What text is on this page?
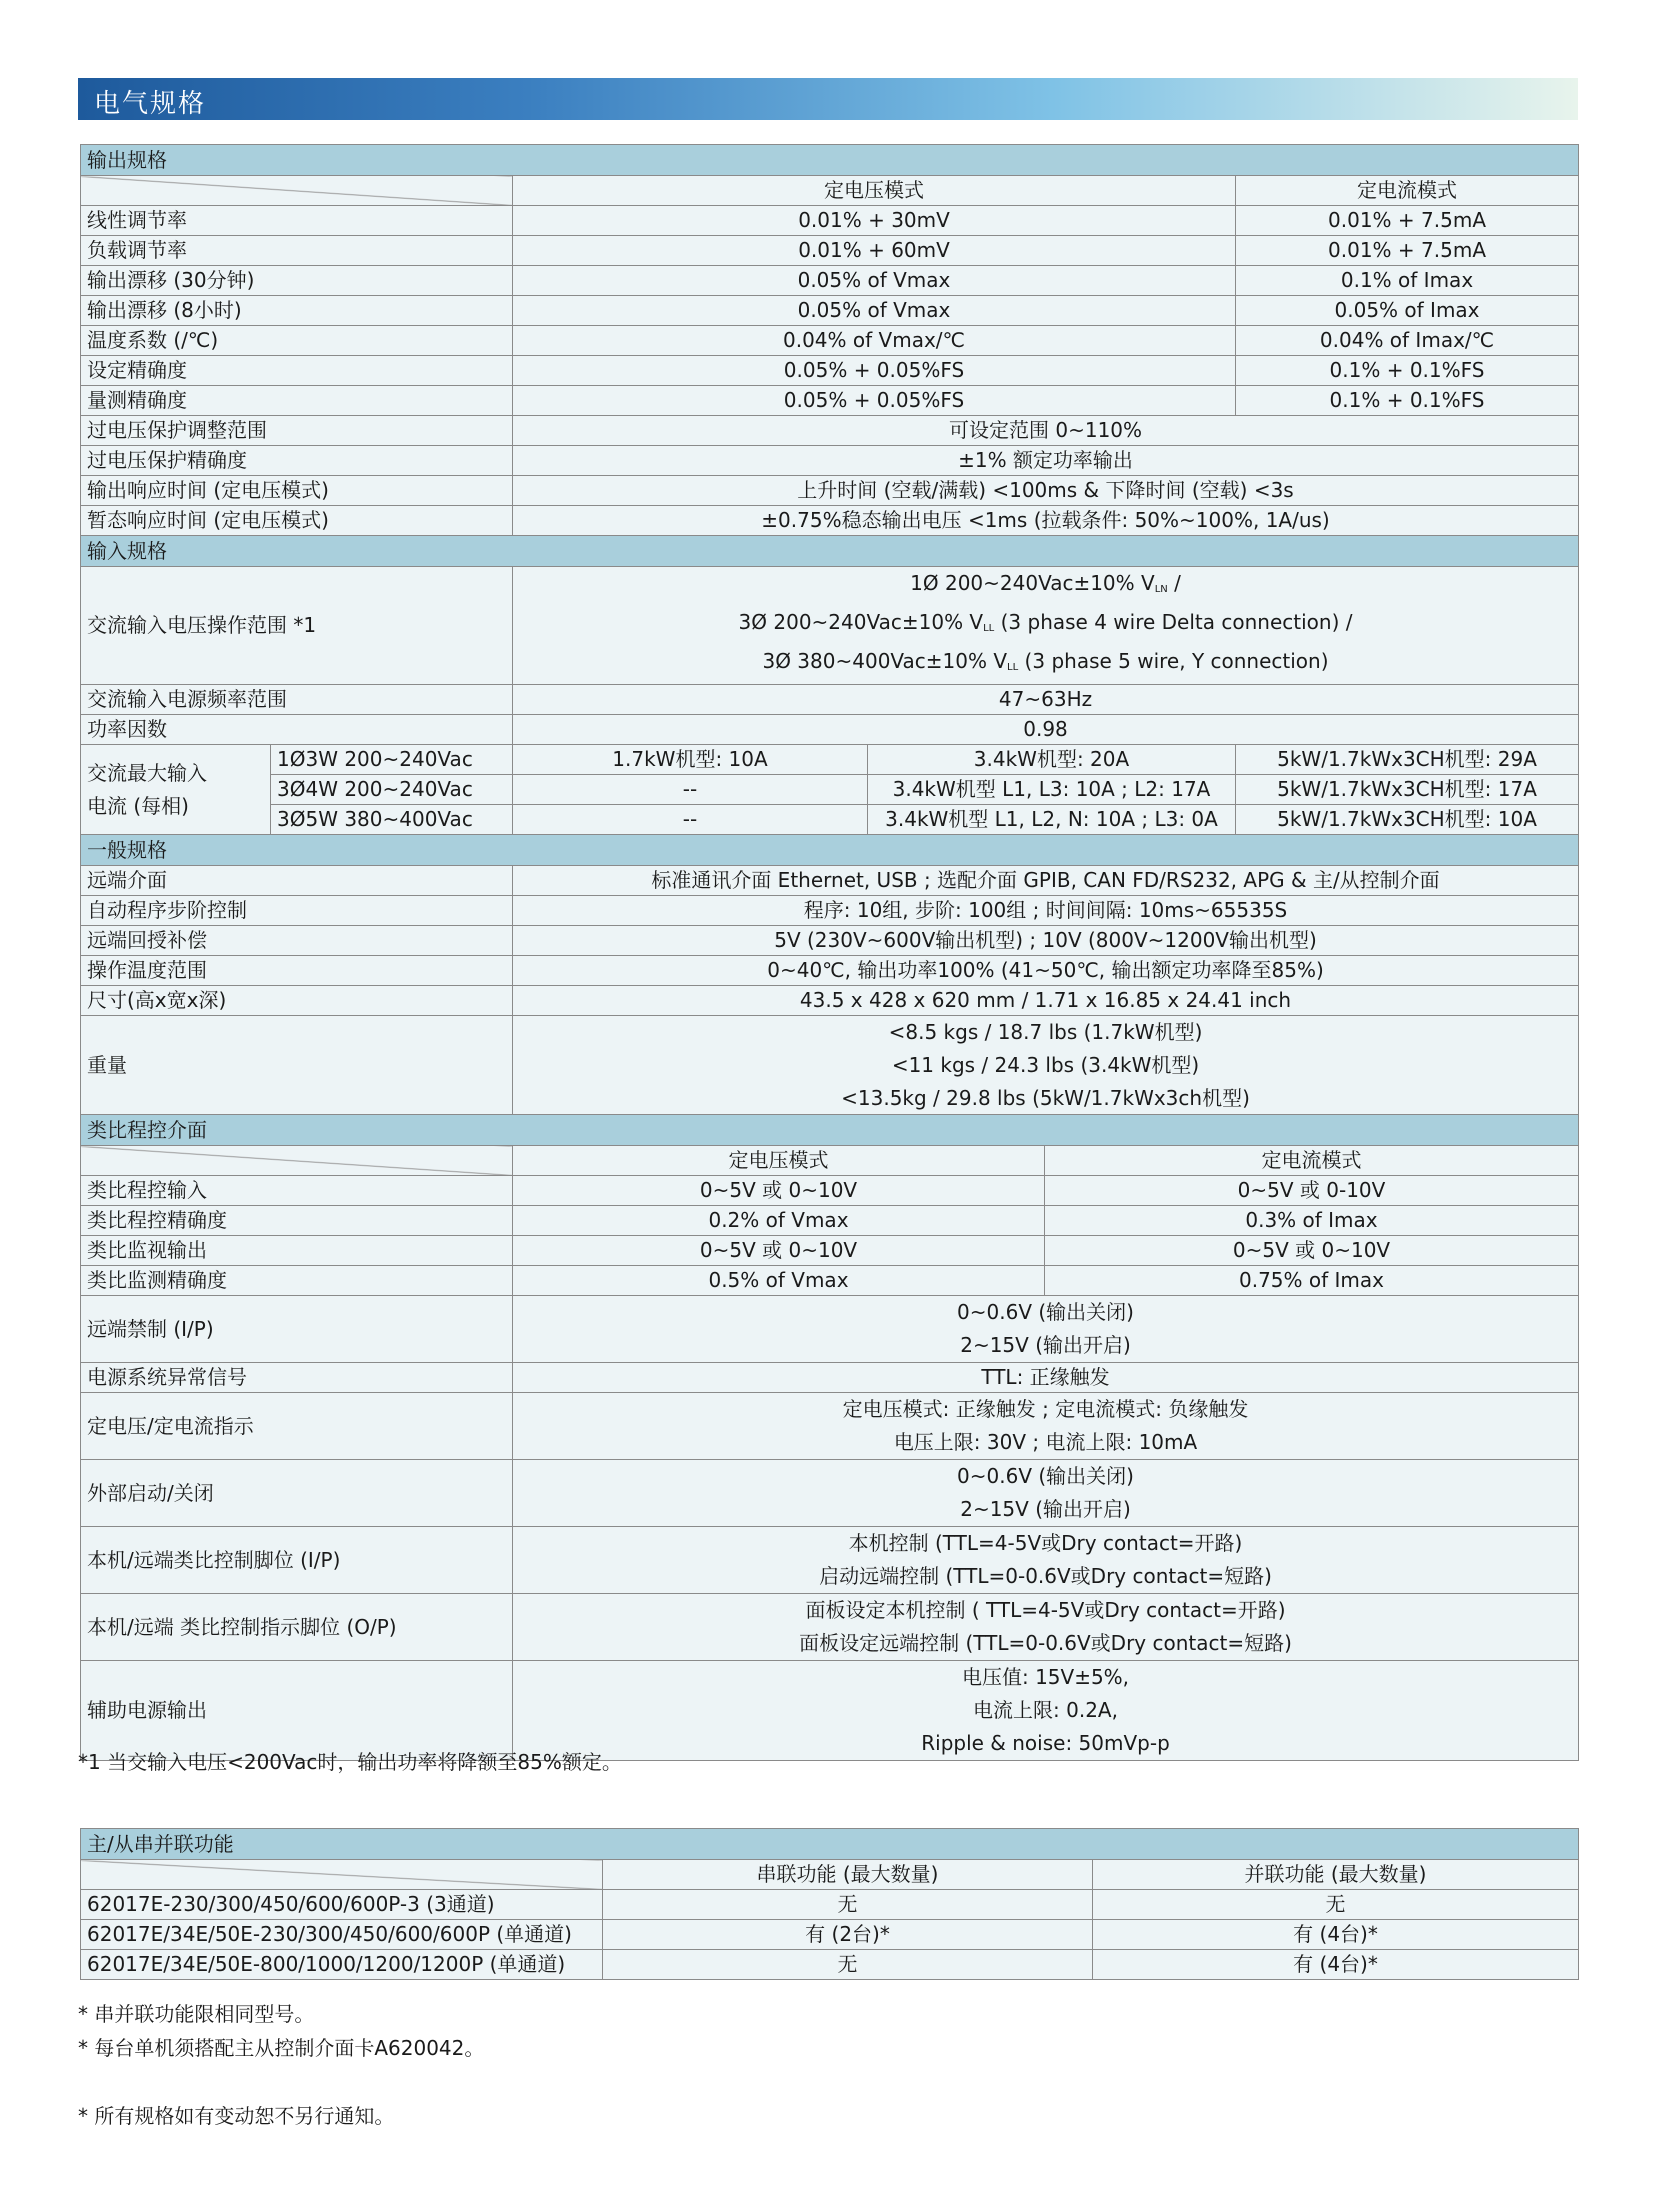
电气规格
输出规格				
		定电压模式		定电流模式
线性调节率		0.01% + 30mV		0.01% + 7.5mA
负载调节率		0.01% + 60mV		0.01% + 7.5mA
输出漂移 (30分钟)		0.05% of Vmax		0.1% of Imax
输出漂移 (8小时)		0.05% of Vmax		0.05% of Imax
温度系数 (/℃)		0.04% of Vmax/℃		0.04% of Imax/℃
设定精确度		0.05% + 0.05%FS		0.1% + 0.1%FS
量测精确度		0.05% + 0.05%FS		0.1% + 0.1%FS
过电压保护调整范围		可设定范围 0~110%		
过电压保护精确度		±1% 额定功率输出		
输出响应时间 (定电压模式)		上升时间 (空载/满载) <100ms & 下降时间 (空载) <3s		
暂态响应时间 (定电压模式)		±0.75%稳态输出电压 <1ms (拉载条件: 50%~100%, 1A/us)		
输入规格				
交流输入电压操作范围 *1		1Ø 200~240Vac±10% $V_{LN}$ /
3Ø 200~240Vac±10% $V_{LL}$ (3 phase 4 wire Delta connection) /
3Ø 380~400Vac±10% $V_{LL}$ (3 phase 5 wire, Y connection)		

交流输入电源频率范围		47~63Hz		
功率因数		0.98		

交流最大输入
电流 (每相)	1Ø3W 200~240Vac	1.7kW机型: 10A	3.4kW机型: 20A	5kW/1.7kWx3CH机型: 29A
	3Ø4W 200~240Vac	--	3.4kW机型 L1, L3: 10A ; L2: 17A	5kW/1.7kWx3CH机型: 17A
	3Ø5W 380~400Vac	--	3.4kW机型 L1, L2, N: 10A ; L3: 0A	5kW/1.7kWx3CH机型: 10A
一般规格				
远端介面		标准通讯介面 Ethernet, USB ; 选配介面 GPIB, CAN FD/RS232, APG & 主/从控制介面		
自动程序步阶控制		程序: 10组, 步阶: 100组 ; 时间间隔: 10ms~65535S		
远端回授补偿		5V (230V~600V输出机型) ; 10V (800V~1200V输出机型)		
操作温度范围		0~40℃, 输出功率100% (41~50℃, 输出额定功率降至85%)		
尺寸(高x宽x深)		43.5 x 428 x 620 mm / 1.71 x 16.85 x 24.41 inch		
重量		<8.5 kgs / 18.7 lbs (1.7kW机型)
<11 kgs / 24.3 lbs (3.4kW机型)
<13.5kg / 29.8 lbs (5kW/1.7kWx3ch机型)		
类比程控介面		
	定电压模式	定电流模式
类比程控输入	0~5V 或 0~10V	0~5V 或 0-10V
类比程控精确度	0.2% of Vmax	0.3% of Imax
类比监视输出	0~5V 或 0~10V	0~5V 或 0~10V
类比监测精确度	0.5% of Vmax	0.75% of Imax
远端禁制 (I/P)	0~0.6V (输出关闭)
2~15V (输出开启)	

电源系统异常信号	TTL: 正缘触发	
定电压/定电流指示	定电压模式: 正缘触发 ; 定电流模式: 负缘触发
电压上限: 30V ; 电流上限: 10mA	

外部启动/关闭	0~0.6V (输出关闭)
2~15V (输出开启)	

本机/远端类比控制脚位 (I/P)	本机控制 (TTL=4-5V或Dry contact=开路)
启动远端控制 (TTL=0-0.6V或Dry contact=短路)	

本机/远端 类比控制指示脚位 (O/P)	面板设定本机控制 ( TTL=4-5V或Dry contact=开路)
面板设定远端控制 (TTL=0-0.6V或Dry contact=短路)	

辅助电源输出	电压值: 15V±5%,
电流上限: 0.2A,
Ripple & noise: 50mVp-p	
*1 当交输入电压<200Vac时，输出功率将降额至85%额定。
主/从串并联功能		
	串联功能 (最大数量)	并联功能 (最大数量)
62017E-230/300/450/600/600P-3 (3通道)	无	无
62017E/34E/50E-230/300/450/600/600P (单通道)	有 (2台)*	有 (4台)*
62017E/34E/50E-800/1000/1200/1200P (单通道)	无	有 (4台)*
* 串并联功能限相同型号。
* 每台单机须搭配主从控制介面卡A620042。
* 所有规格如有变动恕不另行通知。
